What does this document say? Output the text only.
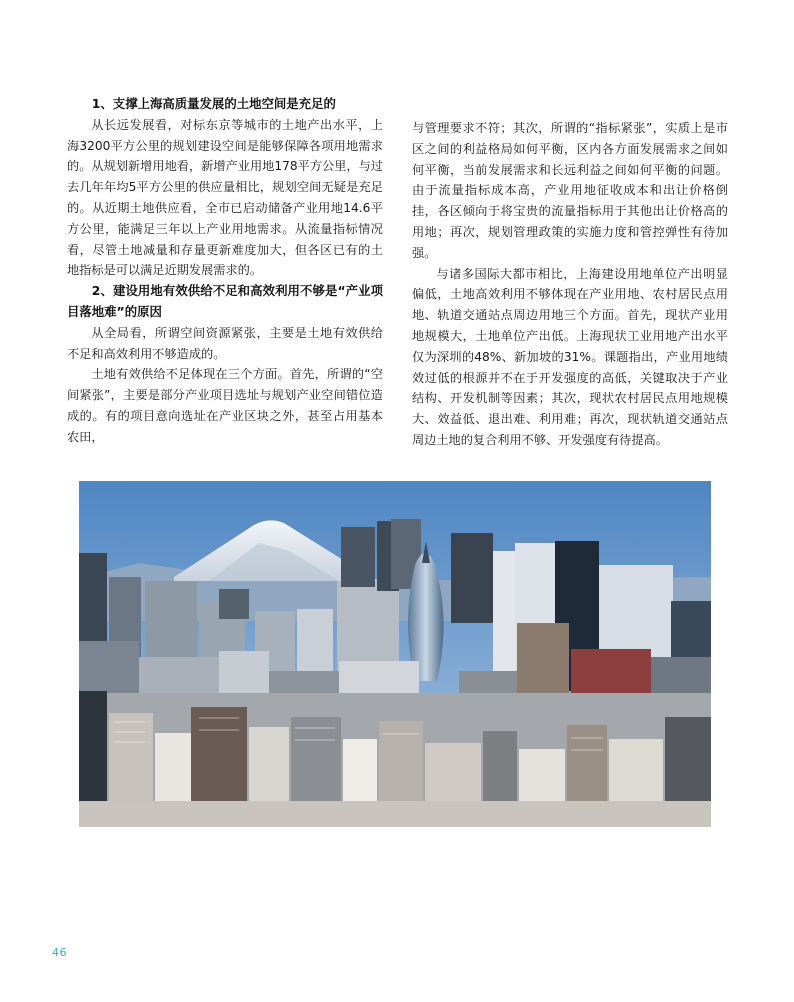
1、支撑上海高质量发展的土地空间是充足的

从长远发展看，对标东京等城市的土地产出水平，上海3200平方公里的规划建设空间是能够保障各项用地需求的。从规划新增用地看，新增产业用地178平方公里，与过去几年年均5平方公里的供应量相比，规划空间无疑是充足的。从近期土地供应看，全市已启动储备产业用地14.6平方公里，能满足三年以上产业用地需求。从流量指标情况看，尽管土地减量和存量更新难度加大，但各区已有的土地指标是可以满足近期发展需求的。

2、建设用地有效供给不足和高效利用不够是“产业项目落地难”的原因

从全局看，所谓空间资源紧张，主要是土地有效供给不足和高效利用不够造成的。

土地有效供给不足体现在三个方面。首先，所谓的“空间紧张”，主要是部分产业项目选址与规划产业空间错位造成的。有的项目意向选址在产业区块之外，甚至占用基本农田，

与管理要求不符；其次，所谓的“指标紧张”，实质上是市区之间的利益格局如何平衡，区内各方面发展需求之间如何平衡，当前发展需求和长远利益之间如何平衡的问题。由于流量指标成本高，产业用地征收成本和出让价格倒挂，各区倾向于将宝贵的流量指标用于其他出让价格高的用地；再次，规划管理政策的实施力度和管控弹性有待加强。

与诸多国际大都市相比，上海建设用地单位产出明显偏低，土地高效利用不够体现在产业用地、农村居民点用地、轨道交通站点周边用地三个方面。首先，现状产业用地规模大，土地单位产出低。上海现状工业用地产出水平仅为深圳的48%、新加坡的31%。课题指出，产业用地绩效过低的根源并不在于开发强度的高低，关键取决于产业结构、开发机制等因素；其次，现状农村居民点用地规模大、效益低、退出难、利用难；再次，现状轨道交通站点周边土地的复合利用不够、开发强度有待提高。

46
